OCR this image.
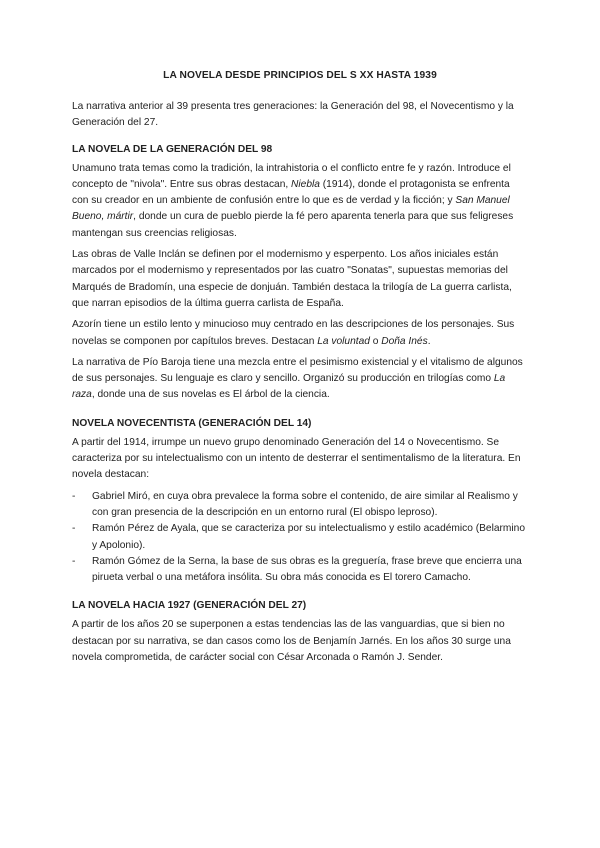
LA NOVELA DESDE PRINCIPIOS DEL S XX HASTA 1939

La narrativa anterior al 39 presenta tres generaciones: la Generación del 98, el Novecentismo y la Generación del 27.

LA NOVELA DE LA GENERACIÓN DEL 98

Unamuno trata temas como la tradición, la intrahistoria o el conflicto entre fe y razón. Introduce el concepto de "nivola". Entre sus obras destacan, Niebla (1914), donde el protagonista se enfrenta con su creador en un ambiente de confusión entre lo que es de verdad y la ficción; y San Manuel Bueno, mártir, donde un cura de pueblo pierde la fé pero aparenta tenerla para que sus feligreses mantengan sus creencias religiosas.

Las obras de Valle Inclán se definen por el modernismo y esperpento. Los años iniciales están marcados por el modernismo y representados por las cuatro "Sonatas", supuestas memorias del Marqués de Bradomín, una especie de donjuán. También destaca la trilogía de La guerra carlista, que narran episodios de la última guerra carlista de España.

Azorín tiene un estilo lento y minucioso muy centrado en las descripciones de los personajes. Sus novelas se componen por capítulos breves. Destacan La voluntad o Doña Inés.

La narrativa de Pío Baroja tiene una mezcla entre el pesimismo existencial y el vitalismo de algunos de sus personajes. Su lenguaje es claro y sencillo. Organizó su producción en trilogías como La raza, donde una de sus novelas es El árbol de la ciencia.

NOVELA NOVECENTISTA (GENERACIÓN DEL 14)

A partir del 1914, irrumpe un nuevo grupo denominado Generación del 14 o Novecentismo. Se caracteriza por su intelectualismo con un intento de desterrar el sentimentalismo de la literatura. En novela destacan:

- Gabriel Miró, en cuya obra prevalece la forma sobre el contenido, de aire similar al Realismo y con gran presencia de la descripción en un entorno rural (El obispo leproso).
- Ramón Pérez de Ayala, que se caracteriza por su intelectualismo y estilo académico (Belarmino y Apolonio).
- Ramón Gómez de la Serna, la base de sus obras es la greguería, frase breve que encierra una pirueta verbal o una metáfora insólita. Su obra más conocida es El torero Camacho.
LA NOVELA HACIA 1927 (GENERACIÓN DEL 27)

A partir de los años 20 se superponen a estas tendencias las de las vanguardias, que si bien no destacan por su narrativa, se dan casos como los de Benjamín Jarnés. En los años 30 surge una novela comprometida, de carácter social con César Arconada o Ramón J. Sender.
